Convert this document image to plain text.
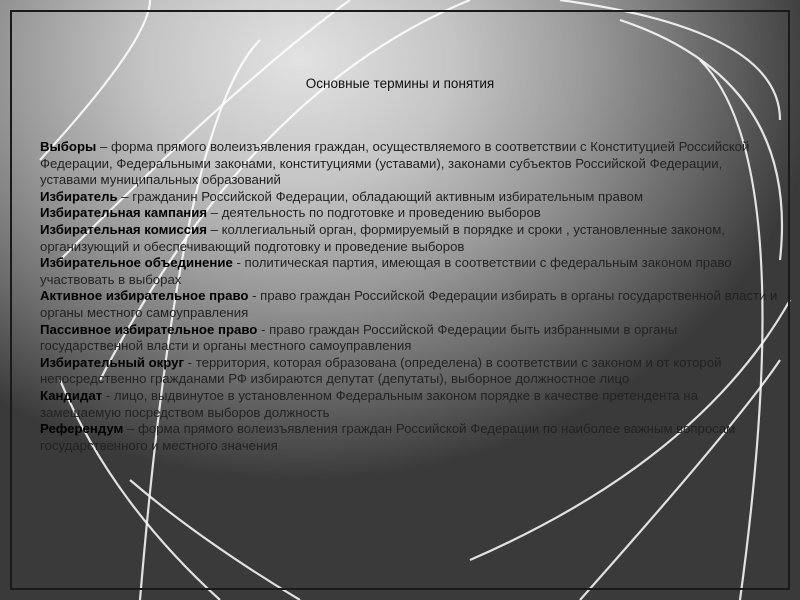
Основные термины и понятия

Выборы – форма прямого волеизъявления граждан, осуществляемого в соответствии с Конституцией Российской Федерации, Федеральными законами, конституциями (уставами), законами субъектов Российской Федерации, уставами муниципальных образований

Избиратель – гражданин Российской Федерации, обладающий активным избирательным правом

Избирательная кампания – деятельность по подготовке и проведению выборов

Избирательная комиссия – коллегиальный орган, формируемый в порядке и сроки , установленные законом, организующий и обеспечивающий подготовку и проведение выборов

Избирательное объединение - политическая партия, имеющая в соответствии с федеральным законом право участвовать в выборах

Активное избирательное право - право граждан Российской Федерации избирать в органы государственной власти и органы местного самоуправления

Пассивное избирательное право - право граждан Российской Федерации быть избранными в органы государственной власти и органы местного самоуправления

Избирательный округ - территория, которая образована (определена) в соответствии с законом и от которой непосредственно гражданами РФ избираются депутат (депутаты), выборное должностное лицо

Кандидат - лицо, выдвинутое в установленном Федеральным законом порядке в качестве претендента на замещаемую посредством выборов должность

Референдум – форма прямого волеизъявления граждан Российской Федерации по наиболее важным вопросам государственного и местного значения
